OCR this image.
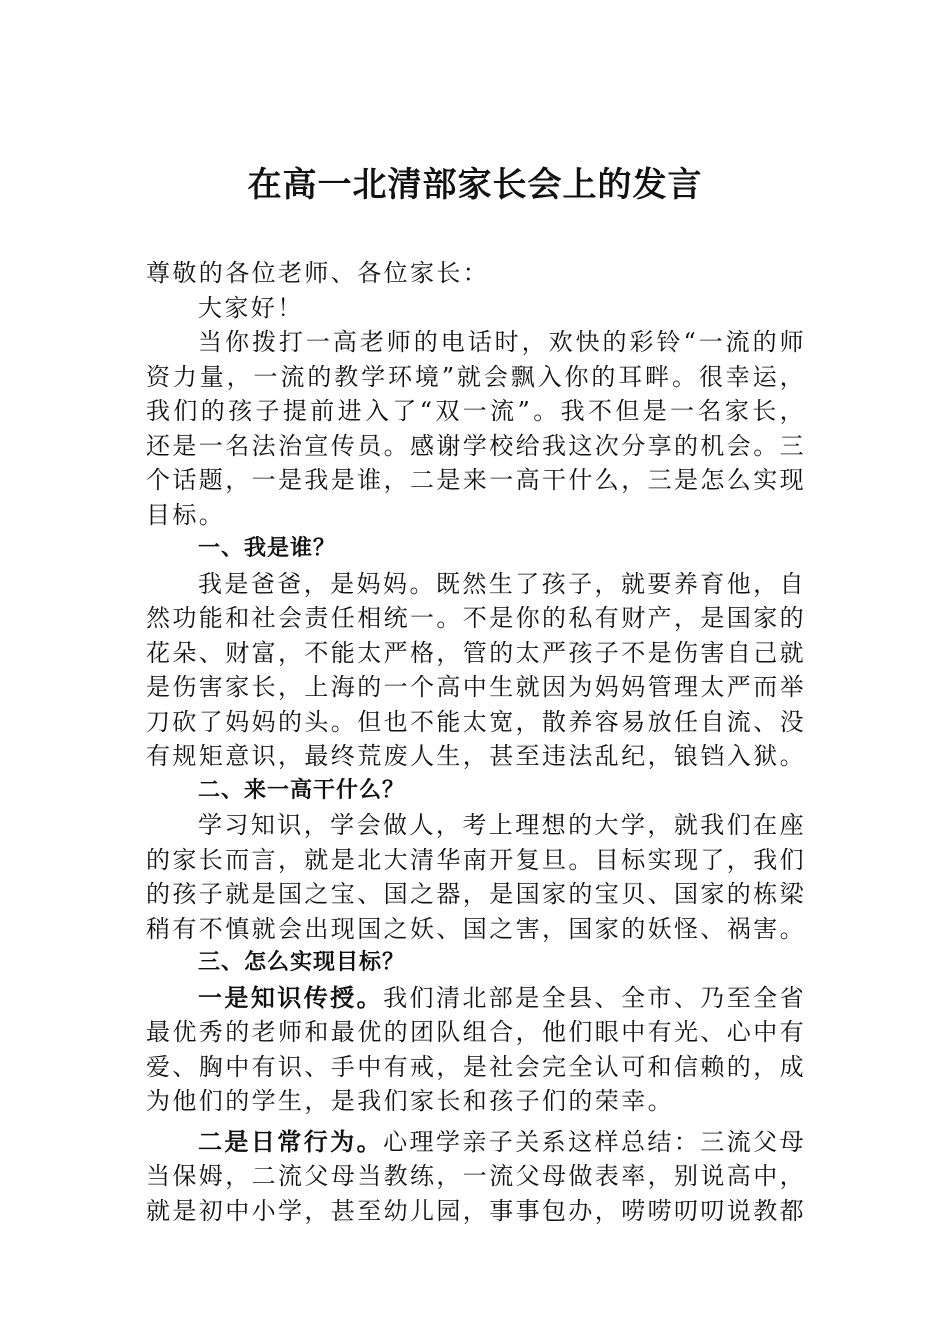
在高一北清部家长会上的发言

尊敬的各位老师、各位家长：

大家好！

当你拨打一高老师的电话时，欢快的彩铃“一流的师资力量，一流的教学环境”就会飘入你的耳畔。很幸运，我们的孩子提前进入了“双一流”。我不但是一名家长，还是一名法治宣传员。感谢学校给我这次分享的机会。三个话题，一是我是谁，二是来一高干什么，三是怎么实现目标。

一、我是谁？

我是爸爸，是妈妈。既然生了孩子，就要养育他，自然功能和社会责任相统一。不是你的私有财产，是国家的花朵、财富，不能太严格，管的太严孩子不是伤害自己就是伤害家长，上海的一个高中生就因为妈妈管理太严而举刀砍了妈妈的头。但也不能太宽，散养容易放任自流、没有规矩意识，最终荒废人生，甚至违法乱纪，锒铛入狱。

二、来一高干什么？

学习知识，学会做人，考上理想的大学，就我们在座的家长而言，就是北大清华南开复旦。目标实现了，我们的孩子就是国之宝、国之器，是国家的宝贝、国家的栋梁稍有不慎就会出现国之妖、国之害，国家的妖怪、祸害。

三、怎么实现目标？

一是知识传授。我们清北部是全县、全市、乃至全省最优秀的老师和最优的团队组合，他们眼中有光、心中有爱、胸中有识、手中有戒，是社会完全认可和信赖的，成为他们的学生，是我们家长和孩子们的荣幸。

二是日常行为。心理学亲子关系这样总结：三流父母当保姆，二流父母当教练，一流父母做表率，别说高中，就是初中小学，甚至幼儿园，事事包办，唠唠叨叨说教都
